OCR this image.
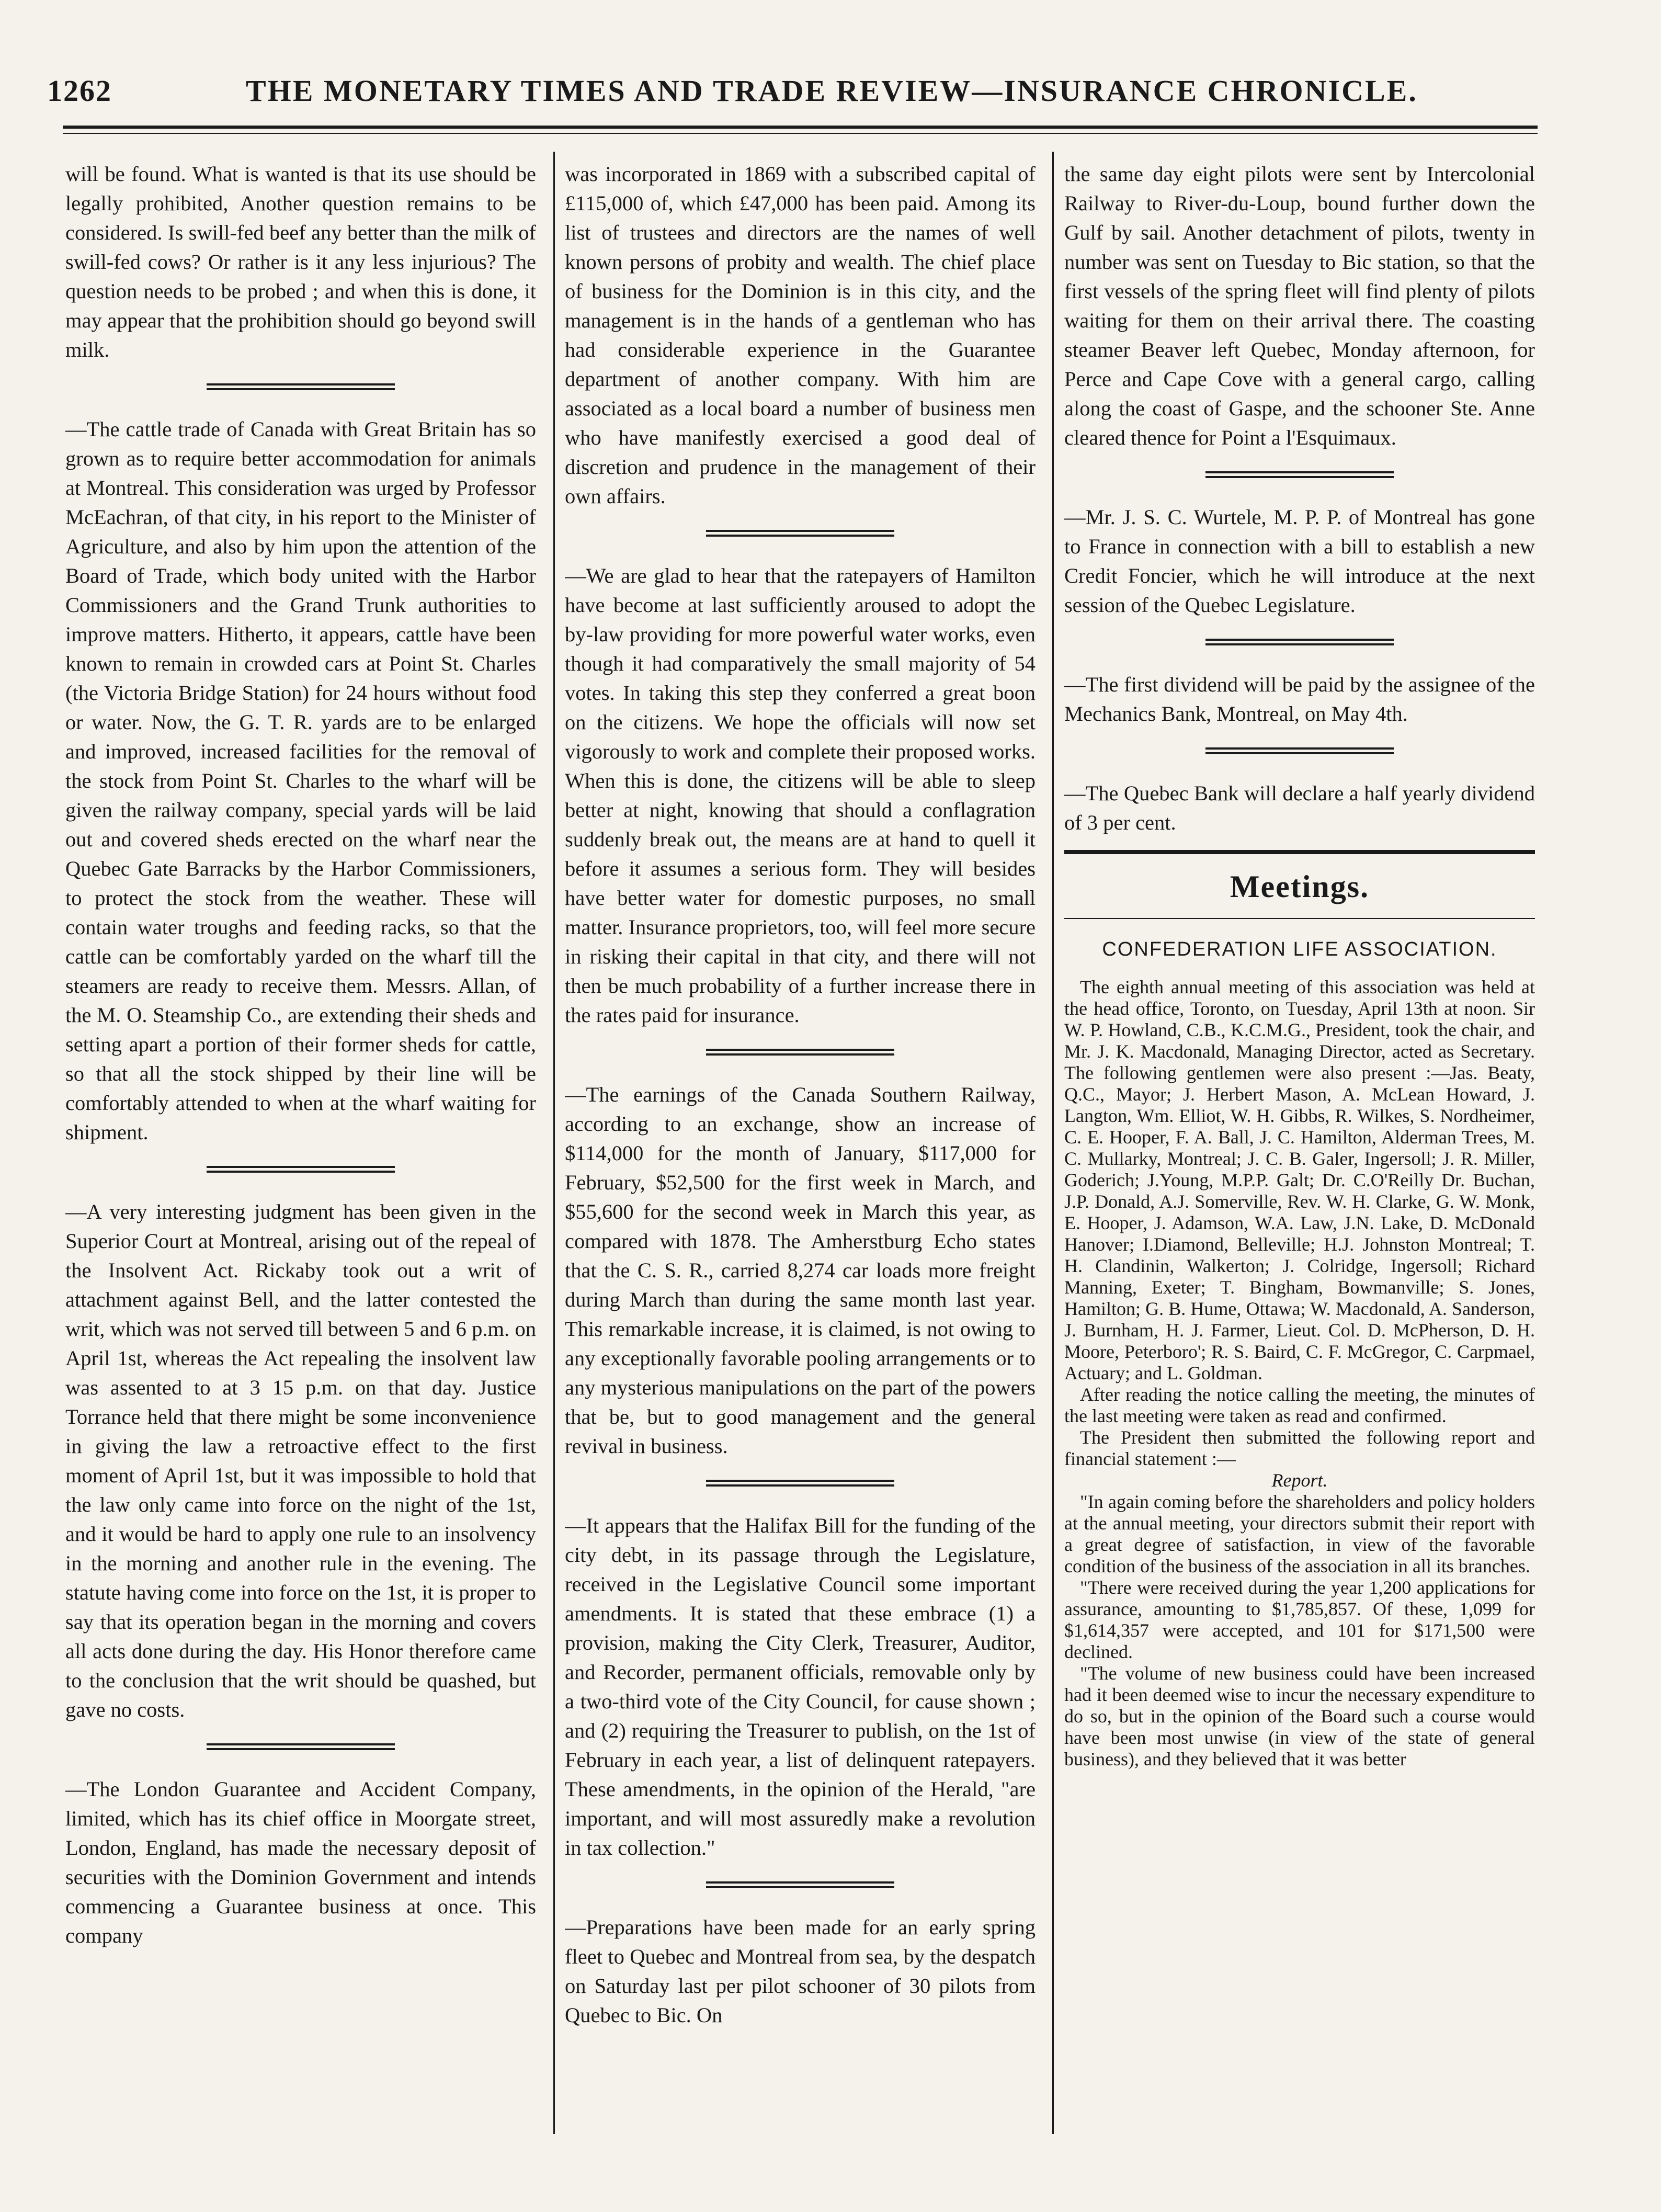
1262	THE MONETARY TIMES AND TRADE REVIEW—INSURANCE CHRONICLE.

will be found. What is wanted is that its use should be legally prohibited, Another question remains to be considered. Is swill-fed beef any better than the milk of swill-fed cows? Or rather is it any less injurious? The question needs to be probed ; and when this is done, it may appear that the prohibition should go beyond swill milk.

—The cattle trade of Canada with Great Britain has so grown as to require better accommodation for animals at Montreal. This consideration was urged by Professor McEachran, of that city, in his report to the Minister of Agriculture, and also by him upon the attention of the Board of Trade, which body united with the Harbor Commissioners and the Grand Trunk authorities to improve matters. Hitherto, it appears, cattle have been known to remain in crowded cars at Point St. Charles (the Victoria Bridge Station) for 24 hours without food or water. Now, the G. T. R. yards are to be enlarged and improved, increased facilities for the removal of the stock from Point St. Charles to the wharf will be given the railway company, special yards will be laid out and covered sheds erected on the wharf near the Quebec Gate Barracks by the Harbor Commissioners, to protect the stock from the weather. These will contain water troughs and feeding racks, so that the cattle can be comfortably yarded on the wharf till the steamers are ready to receive them. Messrs. Allan, of the M. O. Steamship Co., are extending their sheds and setting apart a portion of their former sheds for cattle, so that all the stock shipped by their line will be comfortably attended to when at the wharf waiting for shipment.

—A very interesting judgment has been given in the Superior Court at Montreal, arising out of the repeal of the Insolvent Act. Rickaby took out a writ of attachment against Bell, and the latter contested the writ, which was not served till between 5 and 6 p.m. on April 1st, whereas the Act repealing the insolvent law was assented to at 3 15 p.m. on that day. Justice Torrance held that there might be some inconvenience in giving the law a retroactive effect to the first moment of April 1st, but it was impossible to hold that the law only came into force on the night of the 1st, and it would be hard to apply one rule to an insolvency in the morning and another rule in the evening. The statute having come into force on the 1st, it is proper to say that its operation began in the morning and covers all acts done during the day. His Honor therefore came to the conclusion that the writ should be quashed, but gave no costs.

—The London Guarantee and Accident Company, limited, which has its chief office in Moorgate street, London, England, has made the necessary deposit of securities with the Dominion Government and intends commencing a Guarantee business at once. This company

was incorporated in 1869 with a subscribed capital of £115,000 of, which £47,000 has been paid. Among its list of trustees and directors are the names of well known persons of probity and wealth. The chief place of business for the Dominion is in this city, and the management is in the hands of a gentleman who has had considerable experience in the Guarantee department of another company. With him are associated as a local board a number of business men who have manifestly exercised a good deal of discretion and prudence in the management of their own affairs.

—We are glad to hear that the ratepayers of Hamilton have become at last sufficiently aroused to adopt the by-law providing for more powerful water works, even though it had comparatively the small majority of 54 votes. In taking this step they conferred a great boon on the citizens. We hope the officials will now set vigorously to work and complete their proposed works. When this is done, the citizens will be able to sleep better at night, knowing that should a conflagration suddenly break out, the means are at hand to quell it before it assumes a serious form. They will besides have better water for domestic purposes, no small matter. Insurance proprietors, too, will feel more secure in risking their capital in that city, and there will not then be much probability of a further increase there in the rates paid for insurance.

—The earnings of the Canada Southern Railway, according to an exchange, show an increase of $114,000 for the month of January, $117,000 for February, $52,500 for the first week in March, and $55,600 for the second week in March this year, as compared with 1878. The Amherstburg Echo states that the C. S. R., carried 8,274 car loads more freight during March than during the same month last year. This remarkable increase, it is claimed, is not owing to any exceptionally favorable pooling arrangements or to any mysterious manipulations on the part of the powers that be, but to good management and the general revival in business.

—It appears that the Halifax Bill for the funding of the city debt, in its passage through the Legislature, received in the Legislative Council some important amendments. It is stated that these embrace (1) a provision, making the City Clerk, Treasurer, Auditor, and Recorder, permanent officials, removable only by a two-third vote of the City Council, for cause shown ; and (2) requiring the Treasurer to publish, on the 1st of February in each year, a list of delinquent ratepayers. These amendments, in the opinion of the Herald, "are important, and will most assuredly make a revolution in tax collection."

—Preparations have been made for an early spring fleet to Quebec and Montreal from sea, by the despatch on Saturday last per pilot schooner of 30 pilots from Quebec to Bic. On

the same day eight pilots were sent by Intercolonial Railway to River-du-Loup, bound further down the Gulf by sail. Another detachment of pilots, twenty in number was sent on Tuesday to Bic station, so that the first vessels of the spring fleet will find plenty of pilots waiting for them on their arrival there. The coasting steamer Beaver left Quebec, Monday afternoon, for Perce and Cape Cove with a general cargo, calling along the coast of Gaspe, and the schooner Ste. Anne cleared thence for Point a l'Esquimaux.

—Mr. J. S. C. Wurtele, M. P. P. of Montreal has gone to France in connection with a bill to establish a new Credit Foncier, which he will introduce at the next session of the Quebec Legislature.

—The first dividend will be paid by the assignee of the Mechanics Bank, Montreal, on May 4th.

—The Quebec Bank will declare a half yearly dividend of 3 per cent.

Meetings.
CONFEDERATION LIFE ASSOCIATION.

The eighth annual meeting of this association was held at the head office, Toronto, on Tuesday, April 13th at noon. Sir W. P. Howland, C.B., K.C.M.G., President, took the chair, and Mr. J. K. Macdonald, Managing Director, acted as Secretary. The following gentlemen were also present :—Jas. Beaty, Q.C., Mayor; J. Herbert Mason, A. McLean Howard, J. Langton, Wm. Elliot, W. H. Gibbs, R. Wilkes, S. Nordheimer, C. E. Hooper, F. A. Ball, J. C. Hamilton, Alderman Trees, M. C. Mullarky, Montreal; J. C. B. Galer, Ingersoll; J. R. Miller, Goderich; J.Young, M.P.P. Galt; Dr. C.O'Reilly Dr. Buchan, J.P. Donald, A.J. Somerville, Rev. W. H. Clarke, G. W. Monk, E. Hooper, J. Adamson, W.A. Law, J.N. Lake, D. McDonald Hanover; I.Diamond, Belleville; H.J. Johnston Montreal; T. H. Clandinin, Walkerton; J. Colridge, Ingersoll; Richard Manning, Exeter; T. Bingham, Bowmanville; S. Jones, Hamilton; G. B. Hume, Ottawa; W. Macdonald, A. Sanderson, J. Burnham, H. J. Farmer, Lieut. Col. D. McPherson, D. H. Moore, Peterboro'; R. S. Baird, C. F. McGregor, C. Carpmael, Actuary; and L. Goldman.

After reading the notice calling the meeting, the minutes of the last meeting were taken as read and confirmed.

The President then submitted the following report and financial statement :—

Report.

"In again coming before the shareholders and policy holders at the annual meeting, your directors submit their report with a great degree of satisfaction, in view of the favorable condition of the business of the association in all its branches.

"There were received during the year 1,200 applications for assurance, amounting to $1,785,857. Of these, 1,099 for $1,614,357 were accepted, and 101 for $171,500 were declined.

"The volume of new business could have been increased had it been deemed wise to incur the necessary expenditure to do so, but in the opinion of the Board such a course would have been most unwise (in view of the state of general business), and they believed that it was better
